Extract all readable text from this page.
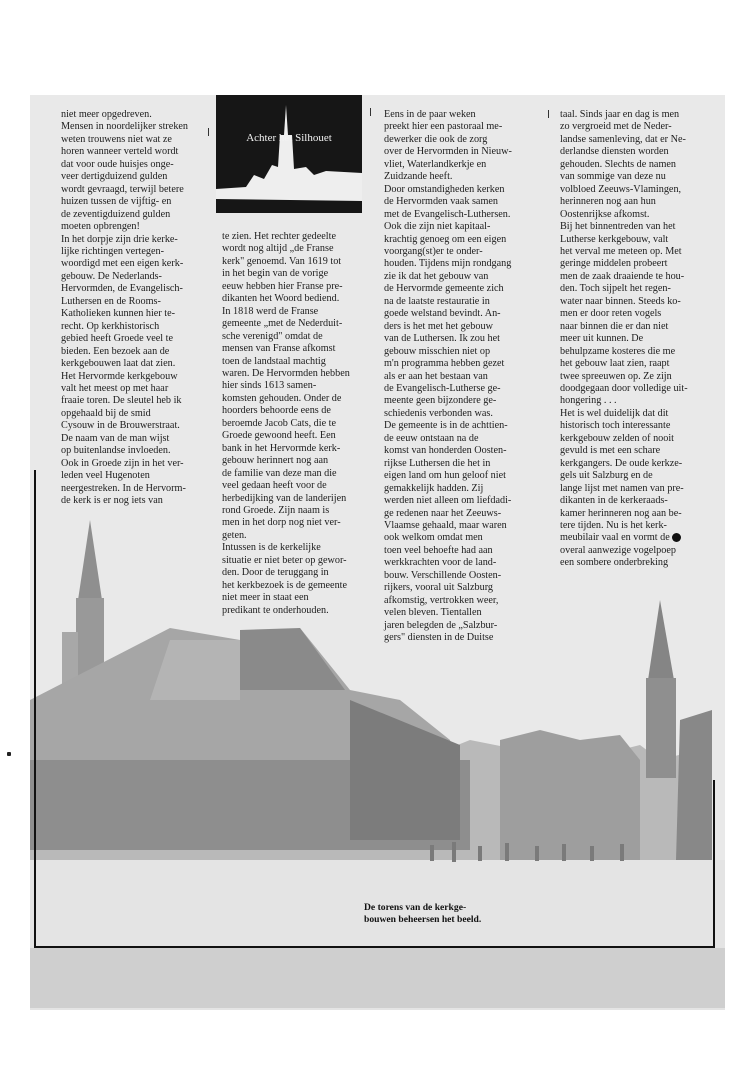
Achter het Silhouet

niet meer opgedreven.

Mensen in noordelijker streken

weten trouwens niet wat ze

horen wanneer verteld wordt

dat voor oude huisjes onge-

veer dertigduizend gulden

wordt gevraagd, terwijl betere

huizen tussen de vijftig- en

de zeventigduizend gulden

moeten opbrengen!

In het dorpje zijn drie kerke-

lijke richtingen vertegen-

woordigd met een eigen kerk-

gebouw. De Nederlands-

Hervormden, de Evangelisch-

Luthersen en de Rooms-

Katholieken kunnen hier te-

recht. Op kerkhistorisch

gebied heeft Groede veel te

bieden. Een bezoek aan de

kerkgebouwen laat dat zien.

Het Hervormde kerkgebouw

valt het meest op met haar

fraaie toren. De sleutel heb ik

opgehaald bij de smid

Cysouw in de Brouwerstraat.

De naam van de man wijst

op buitenlandse invloeden.

Ook in Groede zijn in het ver-

leden veel Hugenoten

neergestreken. In de Hervorm-

de kerk is er nog iets van

te zien. Het rechter gedeelte

wordt nog altijd „de Franse

kerk" genoemd. Van 1619 tot

in het begin van de vorige

eeuw hebben hier Franse pre-

dikanten het Woord bediend.

In 1818 werd de Franse

gemeente „met de Nederduit-

sche verenigd" omdat de

mensen van Franse afkomst

toen de landstaal machtig

waren. De Hervormden hebben

hier sinds 1613 samen-

komsten gehouden. Onder de

hoorders behoorde eens de

beroemde Jacob Cats, die te

Groede gewoond heeft. Een

bank in het Hervormde kerk-

gebouw herinnert nog aan

de familie van deze man die

veel gedaan heeft voor de

herbedijking van de landerijen

rond Groede. Zijn naam is

men in het dorp nog niet ver-

geten.

Intussen is de kerkelijke

situatie er niet beter op gewor-

den. Door de teruggang in

het kerkbezoek is de gemeente

niet meer in staat een

predikant te onderhouden.

Eens in de paar weken

preekt hier een pastoraal me-

dewerker die ook de zorg

over de Hervormden in Nieuw-

vliet, Waterlandkerkje en

Zuidzande heeft.

Door omstandigheden kerken

de Hervormden vaak samen

met de Evangelisch-Luthersen.

Ook die zijn niet kapitaal-

krachtig genoeg om een eigen

voorgang(st)er te onder-

houden. Tijdens mijn rondgang

zie ik dat het gebouw van

de Hervormde gemeente zich

na de laatste restauratie in

goede welstand bevindt. An-

ders is het met het gebouw

van de Luthersen. Ik zou het

gebouw misschien niet op

m'n programma hebben gezet

als er aan het bestaan van

de Evangelisch-Lutherse ge-

meente geen bijzondere ge-

schiedenis verbonden was.

De gemeente is in de achttien-

de eeuw ontstaan na de

komst van honderden Oosten-

rijkse Luthersen die het in

eigen land om hun geloof niet

gemakkelijk hadden. Zij

werden niet alleen om liefdadi-

ge redenen naar het Zeeuws-

Vlaamse gehaald, maar waren

ook welkom omdat men

toen veel behoefte had aan

werkkrachten voor de land-

bouw. Verschillende Oosten-

rijkers, vooral uit Salzburg

afkomstig, vertrokken weer,

velen bleven. Tientallen

jaren belegden de „Salzbur-

gers" diensten in de Duitse

taal. Sinds jaar en dag is men

zo vergroeid met de Neder-

landse samenleving, dat er Ne-

derlandse diensten worden

gehouden. Slechts de namen

van sommige van deze nu

volbloed Zeeuws-Vlamingen,

herinneren nog aan hun

Oostenrijkse afkomst.

Bij het binnentreden van het

Lutherse kerkgebouw, valt

het verval me meteen op. Met

geringe middelen probeert

men de zaak draaiende te hou-

den. Toch sijpelt het regen-

water naar binnen. Steeds ko-

men er door reten vogels

naar binnen die er dan niet

meer uit kunnen. De

behulpzame kosteres die me

het gebouw laat zien, raapt

twee spreeuwen op. Ze zijn

doodgegaan door volledige uit-

hongering . . .

Het is wel duidelijk dat dit

historisch toch interessante

kerkgebouw zelden of nooit

gevuld is met een schare

kerkgangers. De oude kerkze-

gels uit Salzburg en de

lange lijst met namen van pre-

dikanten in de kerkeraads-

kamer herinneren nog aan be-

tere tijden. Nu is het kerk-

meubilair vaal en vormt de

overal aanwezige vogelpoep

een sombere onderbreking

De torens van de kerkge-

bouwen beheersen het beeld.
